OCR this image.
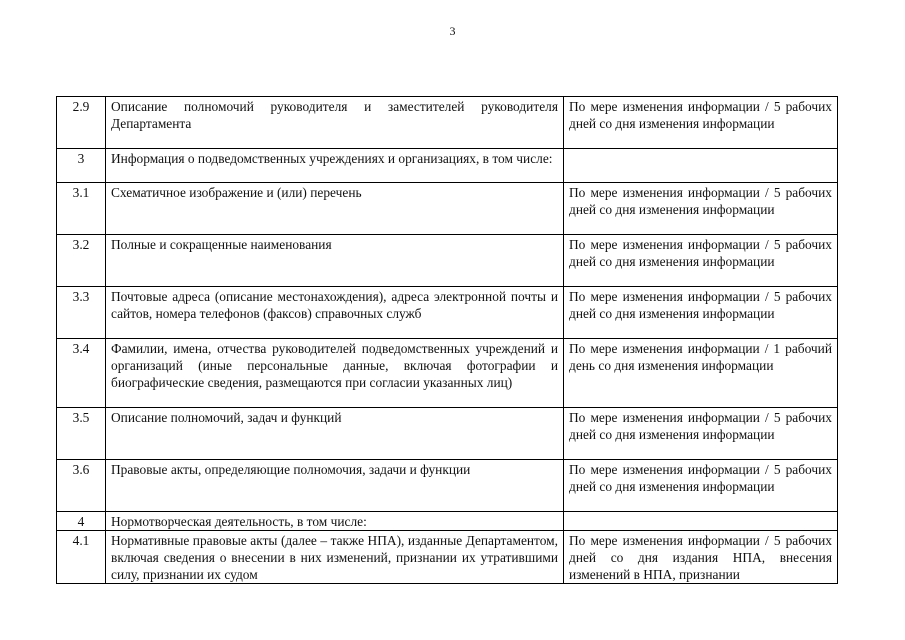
3
2.9	Описание полномочий руководителя и заместителей руководителя Департамента	По мере изменения информации / 5 рабочих дней со дня изменения информации
3	Информация о подведомственных учреждениях и организациях, в том числе:	
3.1	Схематичное изображение и (или) перечень	По мере изменения информации / 5 рабочих дней со дня изменения информации
3.2	Полные и сокращенные наименования	По мере изменения информации / 5 рабочих дней со дня изменения информации
3.3	Почтовые адреса (описание местонахождения), адреса электронной почты и сайтов, номера телефонов (факсов) справочных служб	По мере изменения информации / 5 рабочих дней со дня изменения информации
3.4	Фамилии, имена, отчества руководителей подведомственных учреждений и организаций (иные персональные данные, включая фотографии и биографические сведения, размещаются при согласии указанных лиц)	По мере изменения информации / 1 рабочий день со дня изменения информации
3.5	Описание полномочий, задач и функций	По мере изменения информации / 5 рабочих дней со дня изменения информации
3.6	Правовые акты, определяющие полномочия, задачи и функции	По мере изменения информации / 5 рабочих дней со дня изменения информации
4	Нормотворческая деятельность, в том числе:	
4.1	Нормативные правовые акты (далее – также НПА), изданные Департаментом, включая сведения о внесении в них изменений, признании их утратившими силу, признании их судом	По мере изменения информации / 5 рабочих дней со дня издания НПА, внесения изменений в НПА, признании
